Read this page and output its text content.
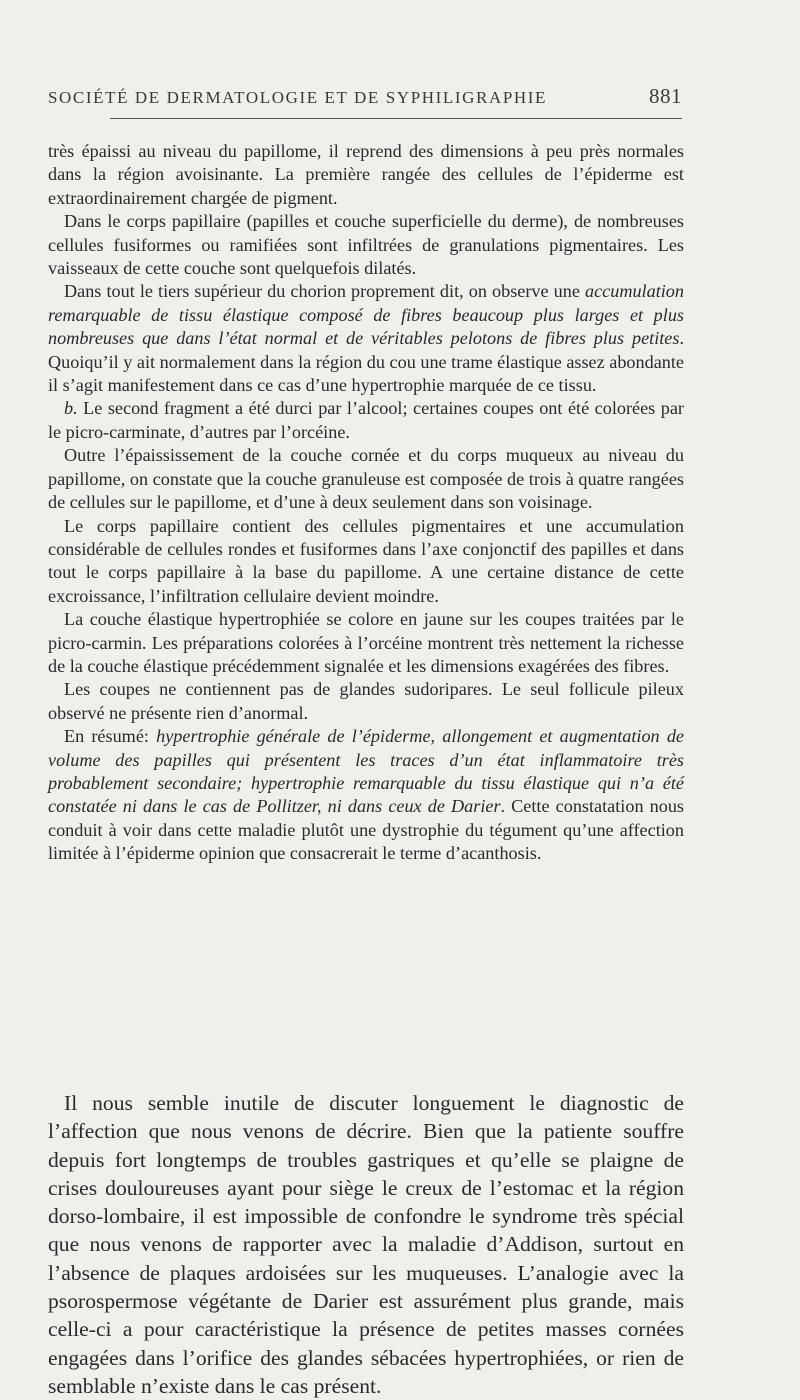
SOCIÉTÉ DE DERMATOLOGIE ET DE SYPHILIGRAPHIE	881

très épaissi au niveau du papillome, il reprend des dimensions à peu près normales dans la région avoisinante. La première rangée des cellules de l’épiderme est extraordinairement chargée de pigment.

Dans le corps papillaire (papilles et couche superficielle du derme), de nombreuses cellules fusiformes ou ramifiées sont infiltrées de granulations pigmentaires. Les vaisseaux de cette couche sont quelquefois dilatés.

Dans tout le tiers supérieur du chorion proprement dit, on observe une accumulation remarquable de tissu élastique composé de fibres beaucoup plus larges et plus nombreuses que dans l’état normal et de véritables pelotons de fibres plus petites. Quoiqu’il y ait normalement dans la région du cou une trame élastique assez abondante il s’agit manifestement dans ce cas d’une hypertrophie marquée de ce tissu.

b. Le second fragment a été durci par l’alcool; certaines coupes ont été colorées par le picro-carminate, d’autres par l’orcéine.

Outre l’épaississement de la couche cornée et du corps muqueux au niveau du papillome, on constate que la couche granuleuse est composée de trois à quatre rangées de cellules sur le papillome, et d’une à deux seulement dans son voisinage.

Le corps papillaire contient des cellules pigmentaires et une accumulation considérable de cellules rondes et fusiformes dans l’axe conjonctif des papilles et dans tout le corps papillaire à la base du papillome. A une certaine distance de cette excroissance, l’infiltration cellulaire devient moindre.

La couche élastique hypertrophiée se colore en jaune sur les coupes traitées par le picro-carmin. Les préparations colorées à l’orcéine montrent très nettement la richesse de la couche élastique précédemment signalée et les dimensions exagérées des fibres.

Les coupes ne contiennent pas de glandes sudoripares. Le seul follicule pileux observé ne présente rien d’anormal.

En résumé: hypertrophie générale de l’épiderme, allongement et augmentation de volume des papilles qui présentent les traces d’un état inflammatoire très probablement secondaire; hypertrophie remarquable du tissu élastique qui n’a été constatée ni dans le cas de Pollitzer, ni dans ceux de Darier. Cette constatation nous conduit à voir dans cette maladie plutôt une dystrophie du tégument qu’une affection limitée à l’épiderme opinion que consacrerait le terme d’acanthosis.

Il nous semble inutile de discuter longuement le diagnostic de l’affection que nous venons de décrire. Bien que la patiente souffre depuis fort longtemps de troubles gastriques et qu’elle se plaigne de crises douloureuses ayant pour siège le creux de l’estomac et la région dorso-lombaire, il est impossible de confondre le syndrome très spécial que nous venons de rapporter avec la maladie d’Addison, surtout en l’absence de plaques ardoisées sur les muqueuses. L’analogie avec la psorospermose végétante de Darier est assurément plus grande, mais celle-ci a pour caractéristique la présence de petites masses cornées engagées dans l’orifice des glandes sébacées hypertrophiées, or rien de semblable n’existe dans le cas présent.
